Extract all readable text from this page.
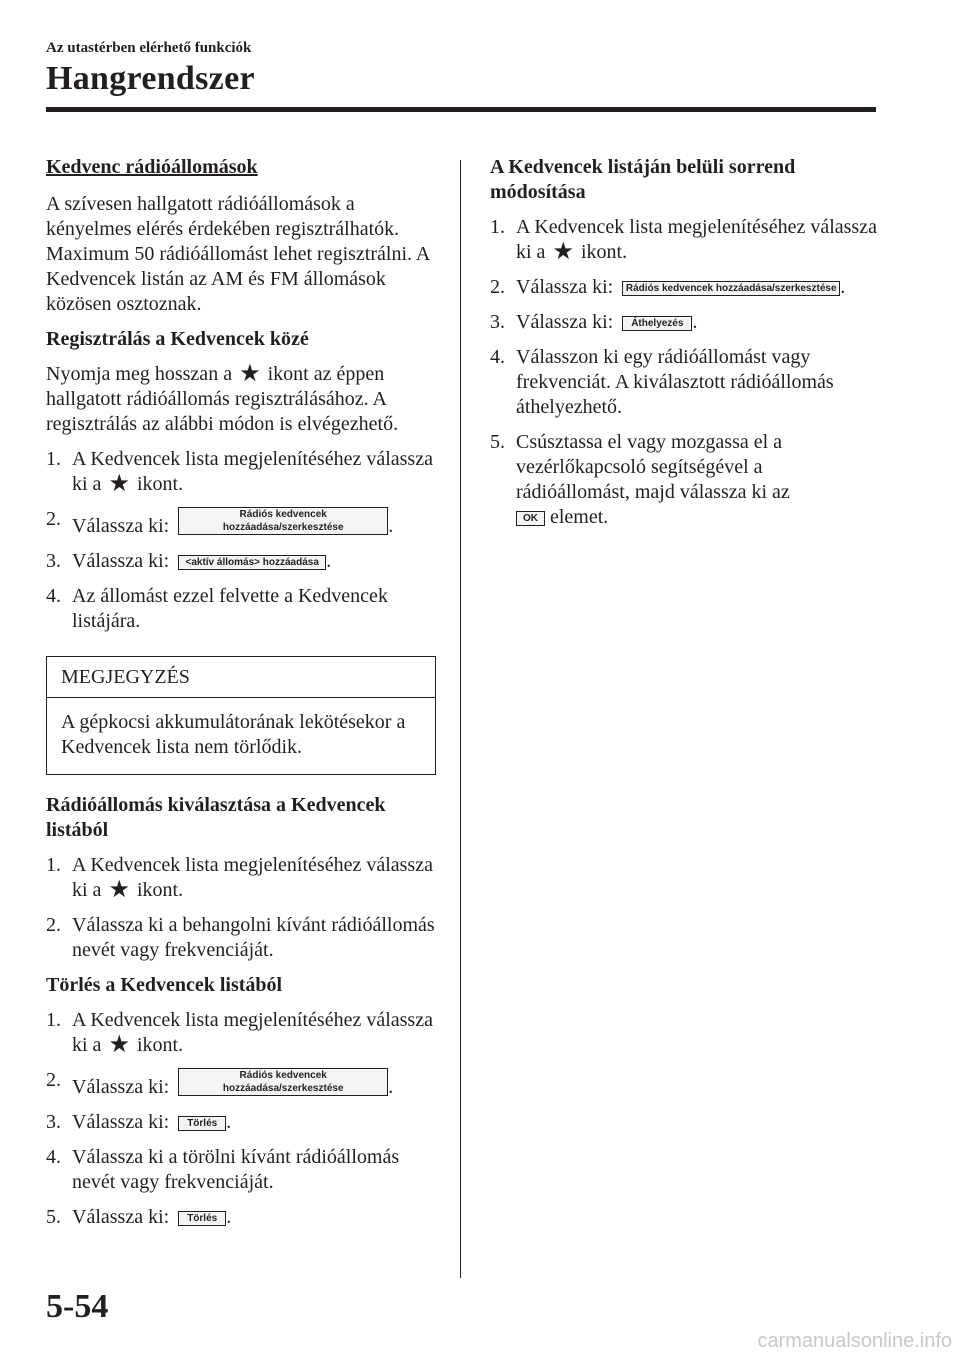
Az utastérben elérhető funkciók
Hangrendszer
Kedvenc rádióállomások

A szívesen hallgatott rádióállomások a kényelmes elérés érdekében regisztrálhatók. Maximum 50 rádióállomást lehet regisztrálni. A Kedvencek listán az AM és FM állomások közösen osztoznak.

Regisztrálás a Kedvencek közé

Nyomja meg hosszan a ★ ikont az éppen hallgatott rádióállomás regisztrálásához. A regisztrálás az alábbi módon is elvégezhető.

1. A Kedvencek lista megjelenítéséhez válassza ki a ★ ikont.
2. Válassza ki: Rádiós kedvencek hozzáadása/szerkesztése .
3. Válassza ki: <aktív állomás> hozzáadása .
4. Az állomást ezzel felvette a Kedvencek listájára.
MEGJEGYZÉS
A gépkocsi akkumulátorának lekötésekor a Kedvencek lista nem törlődik.
Rádióállomás kiválasztása a Kedvencek listából
1. A Kedvencek lista megjelenítéséhez válassza ki a ★ ikont.
2. Válassza ki a behangolni kívánt rádióállomás nevét vagy frekvenciáját.
Törlés a Kedvencek listából
1. A Kedvencek lista megjelenítéséhez válassza ki a ★ ikont.
2. Válassza ki: Rádiós kedvencek hozzáadása/szerkesztése .
3. Válassza ki: Törlés .
4. Válassza ki a törölni kívánt rádióállomás nevét vagy frekvenciáját.
5. Válassza ki: Törlés .
A Kedvencek listáján belüli sorrend módosítása
1. A Kedvencek lista megjelenítéséhez válassza ki a ★ ikont.
2. Válassza ki: Rádiós kedvencek hozzáadása/szerkesztése .
3. Válassza ki: Áthelyezés .
4. Válasszon ki egy rádióállomást vagy frekvenciát. A kiválasztott rádióállomás áthelyezhető.
5. Csúsztassa el vagy mozgassa el a vezérlőkapcsoló segítségével a rádióállomást, majd válassza ki az
OK elemet.
5-54
carmanualsonline.info
